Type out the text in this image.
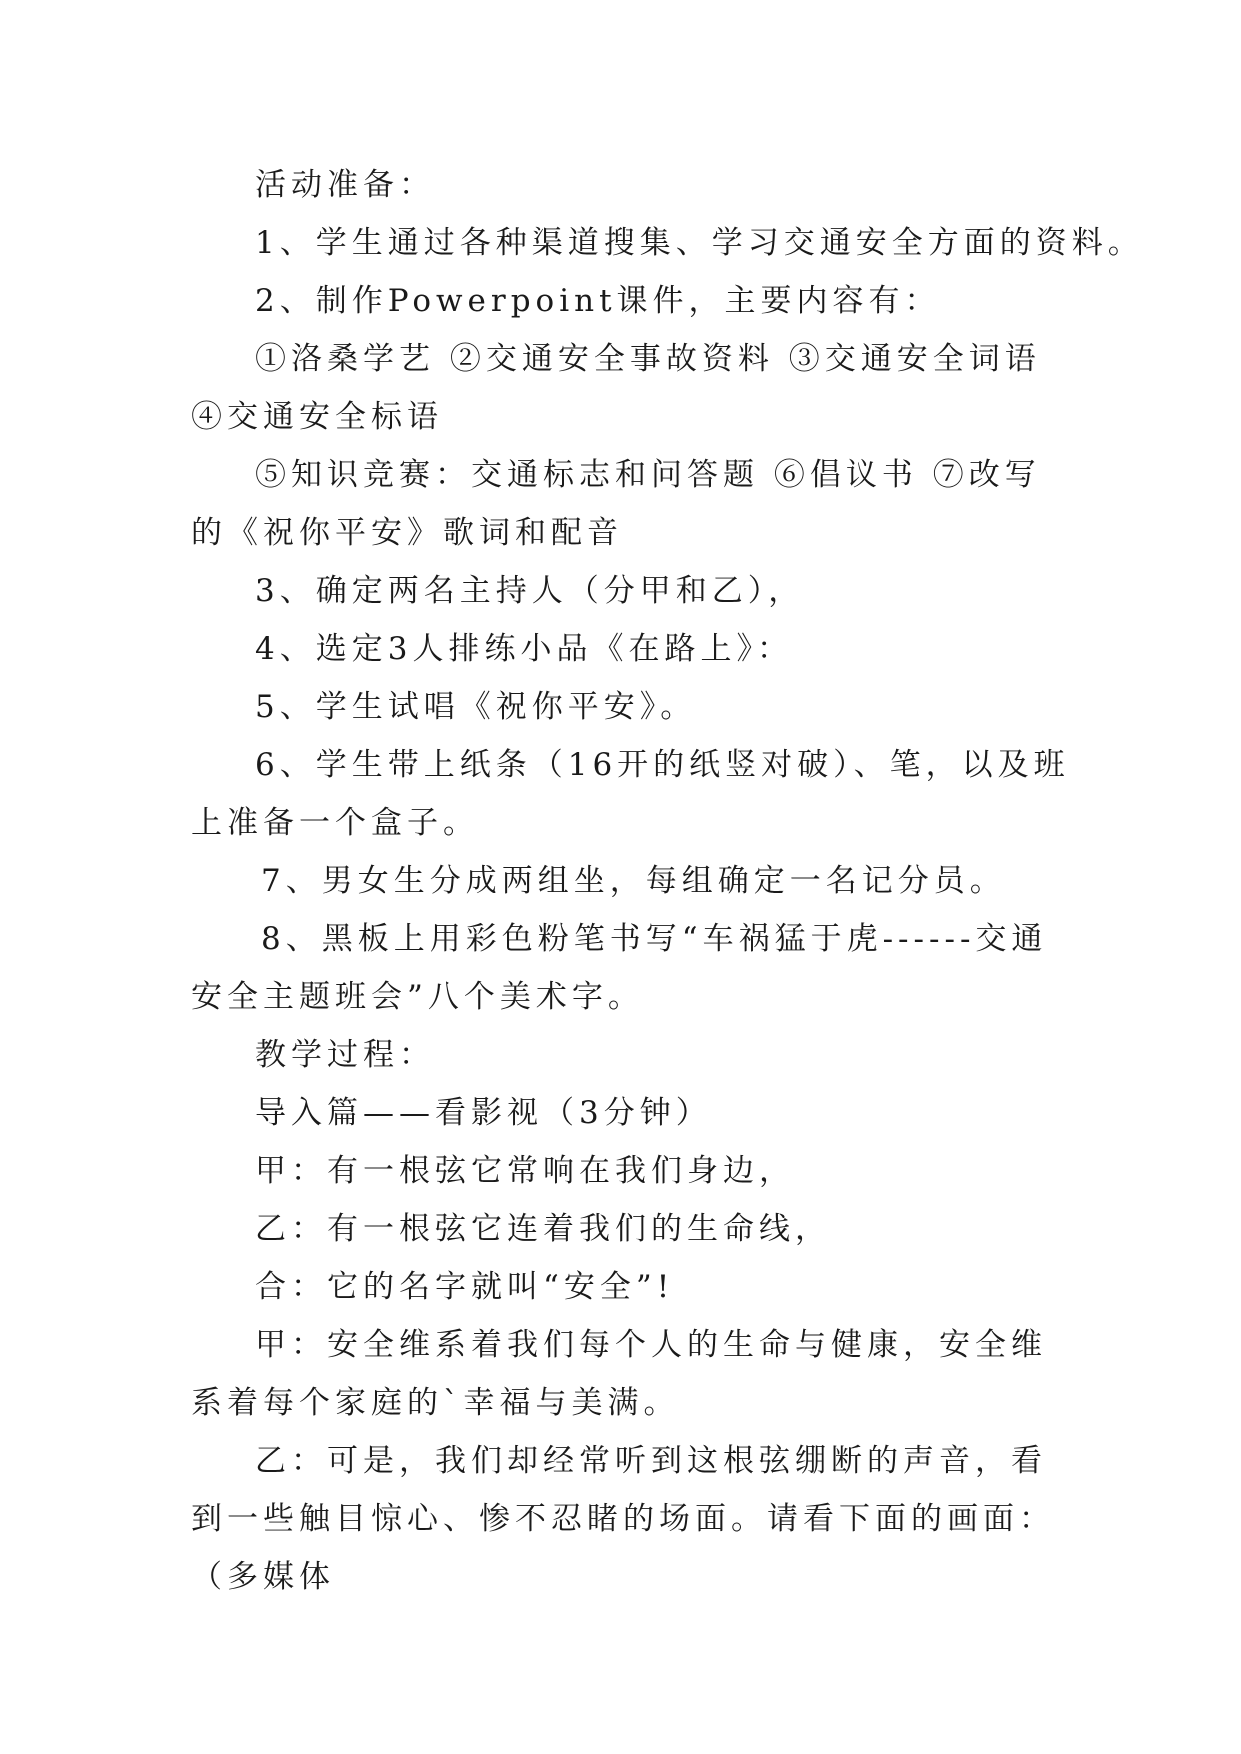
活动准备：

1、学生通过各种渠道搜集、学习交通安全方面的资料。

2、制作Powerpoint课件，主要内容有：

①洛桑学艺 ②交通安全事故资料 ③交通安全词语 ④交通安全标语

⑤知识竞赛：交通标志和问答题 ⑥倡议书 ⑦改写的《祝你平安》歌词和配音

3、确定两名主持人（分甲和乙），

4、选定3人排练小品《在路上》：

5、学生试唱《祝你平安》。

6、学生带上纸条（16开的纸竖对破）、笔，以及班上准备一个盒子。

7、男女生分成两组坐，每组确定一名记分员。

8、黑板上用彩色粉笔书写“车祸猛于虎------交通安全主题班会”八个美术字。

教学过程：

导入篇——看影视（3分钟）

甲：有一根弦它常响在我们身边，

乙：有一根弦它连着我们的生命线，

合：它的名字就叫“安全”!

甲：安全维系着我们每个人的生命与健康，安全维系着每个家庭的`幸福与美满。

乙：可是，我们却经常听到这根弦绷断的声音，看到一些触目惊心、惨不忍睹的场面。请看下面的画面：（多媒体
